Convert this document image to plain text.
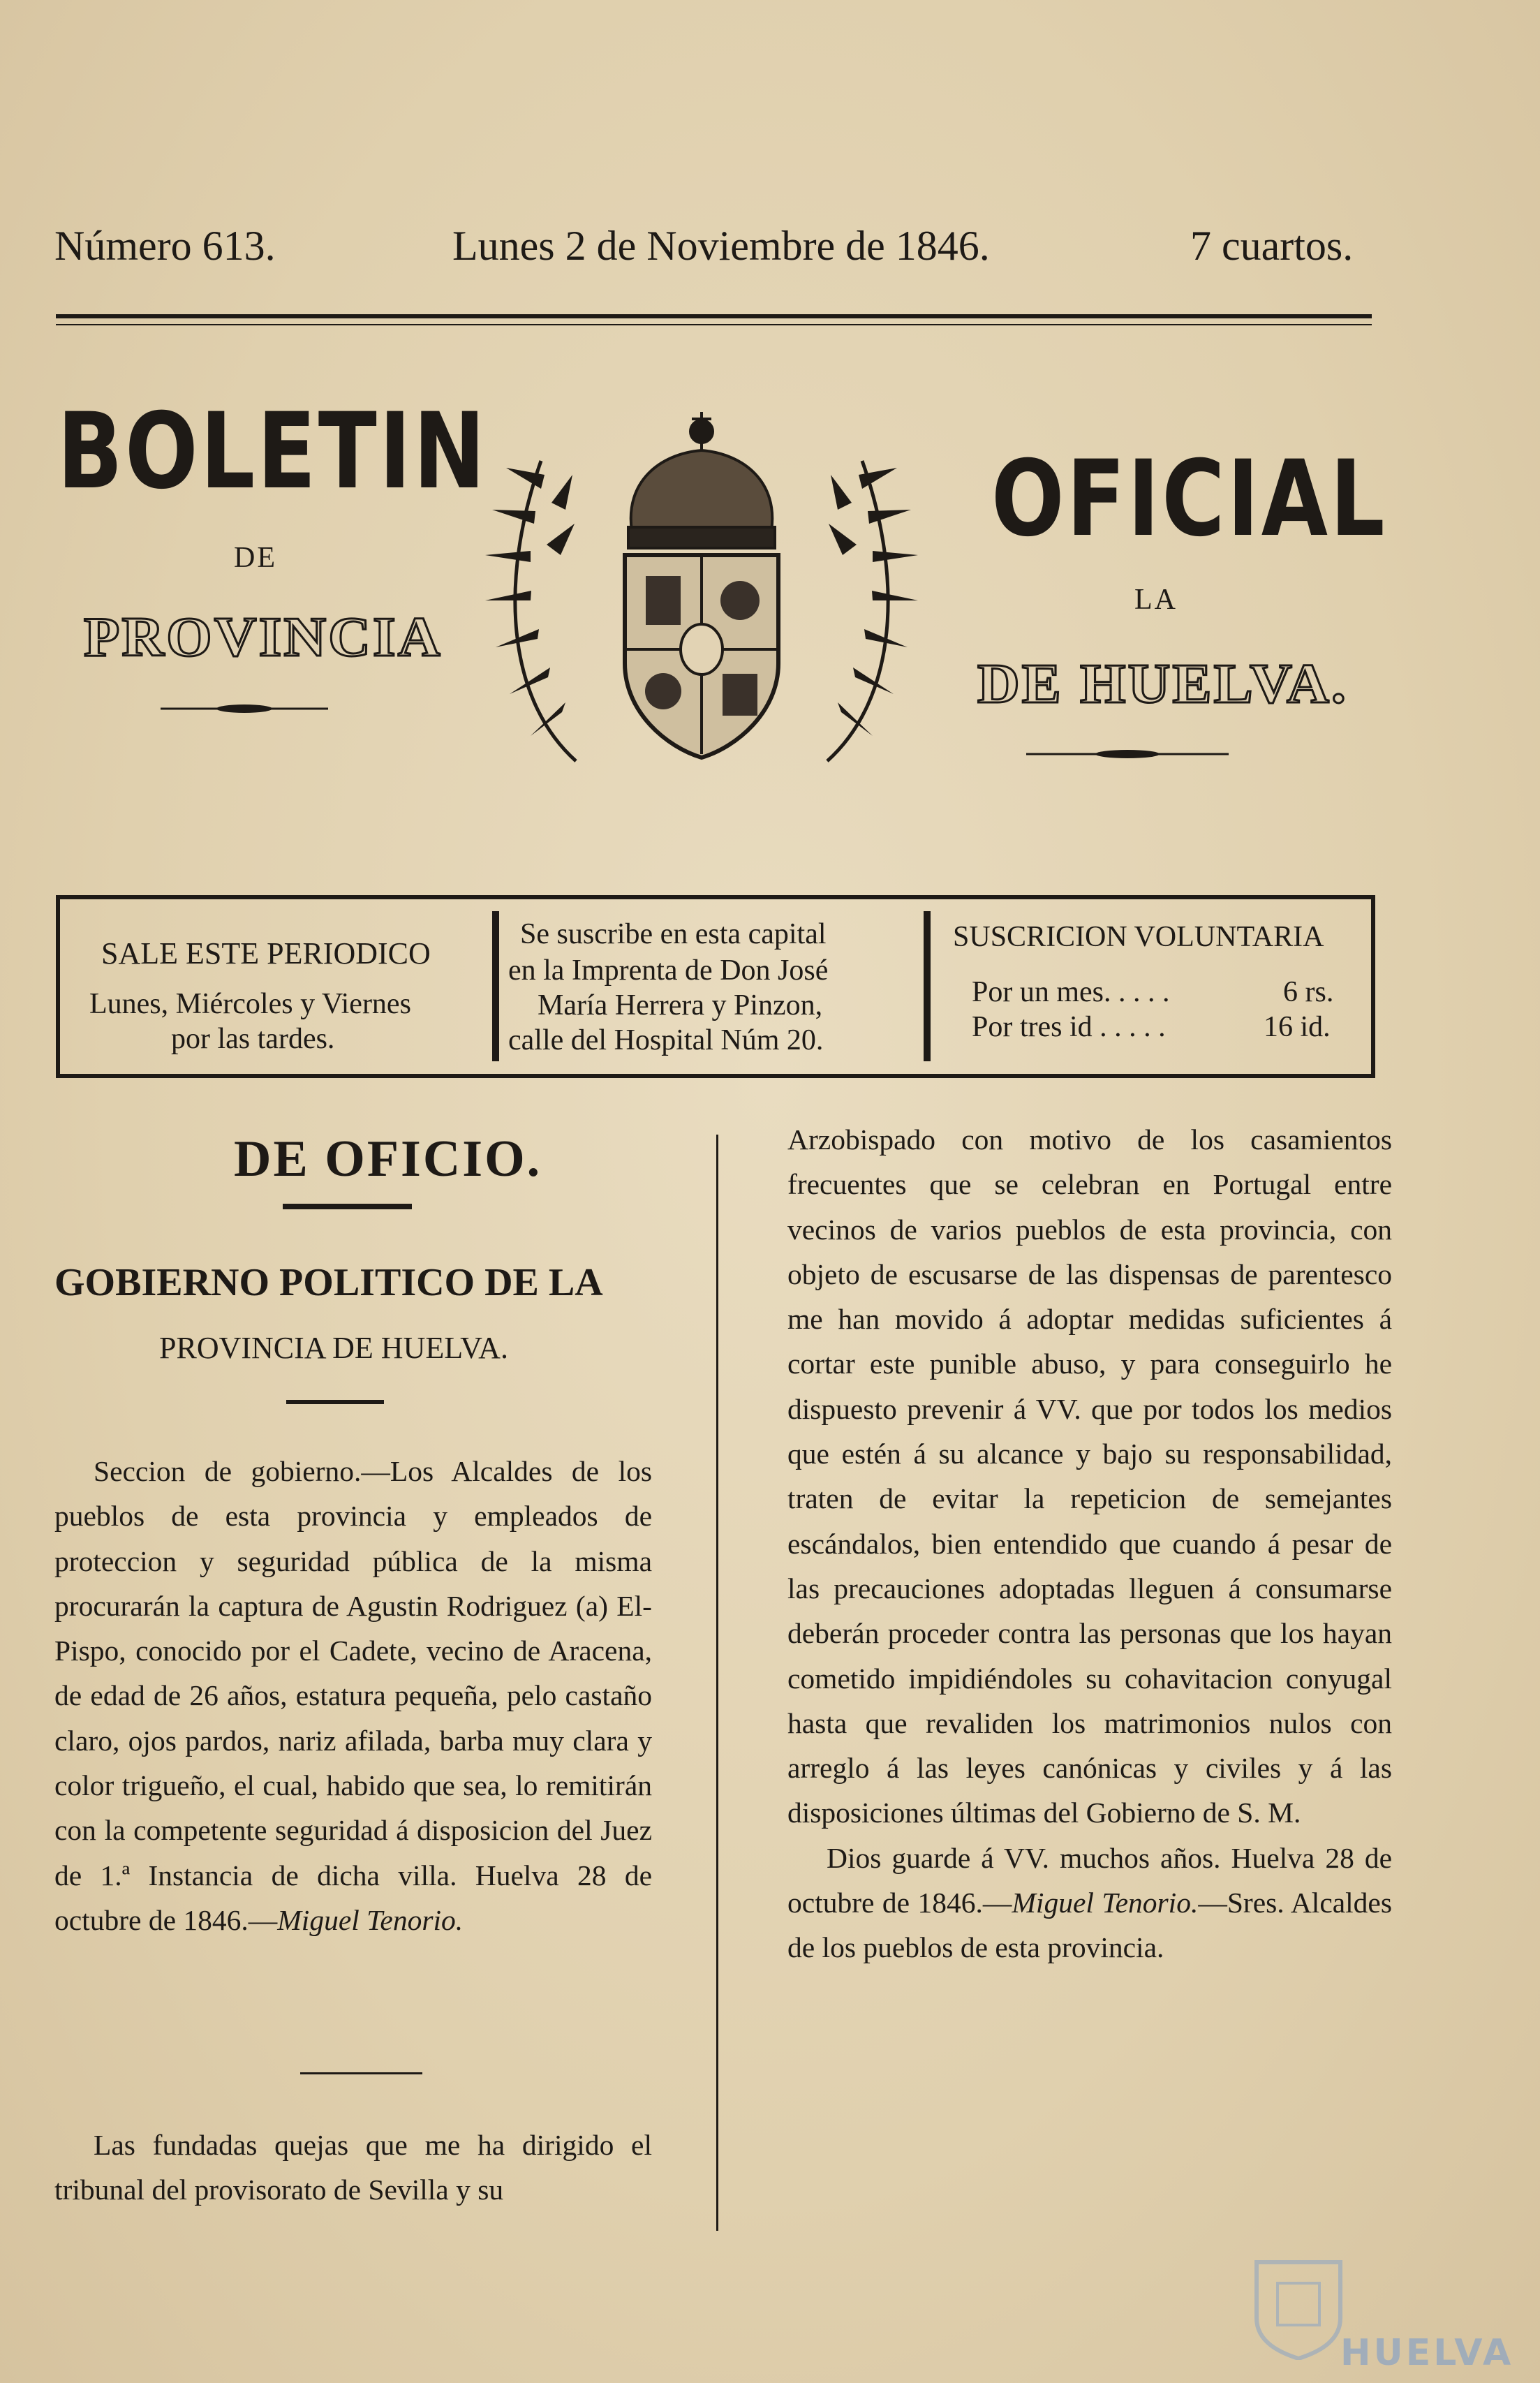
Número 613.	Lunes 2 de Noviembre de 1846.	7 cuartos.
BOLETIN
DE
PROVINCIA
OFICIAL
LA
DE HUELVA.
SALE ESTE PERIODICO
Lunes, Miércoles y Viernes
por las tardes.
Se suscribe en esta capital
en la Imprenta de Don José
María Herrera y Pinzon,
calle del Hospital Núm 20.
SUSCRICION VOLUNTARIA
Por un mes. . . . .	6 rs.
Por tres id . . . . .	16 id.
DE OFICIO.
GOBIERNO POLITICO DE LA
PROVINCIA DE HUELVA.

Seccion de gobierno.—Los Alcaldes de los pueblos de esta provincia y empleados de proteccion y seguridad pública de la misma procurarán la captura de Agustin Rodriguez (a) El-Pispo, conocido por el Cadete, vecino de Aracena, de edad de 26 años, estatura pequeña, pelo castaño claro, ojos pardos, nariz afilada, barba muy clara y color trigueño, el cual, habido que sea, lo remitirán con la competente seguridad á disposicion del Juez de 1.ª Instancia de dicha villa. Huelva 28 de octubre de 1846.—Miguel Tenorio.

Las fundadas quejas que me ha dirigido el tribunal del provisorato de Sevilla y su

Arzobispado con motivo de los casamientos frecuentes que se celebran en Portugal entre vecinos de varios pueblos de esta provincia, con objeto de escusarse de las dispensas de parentesco me han movido á adoptar medidas suficientes á cortar este punible abuso, y para conseguirlo he dispuesto prevenir á VV. que por todos los medios que estén á su alcance y bajo su responsabilidad, traten de evitar la repeticion de semejantes escándalos, bien entendido que cuando á pesar de las precauciones adoptadas lleguen á consumarse deberán proceder contra las personas que los hayan cometido impidiéndoles su cohavitacion conyugal hasta que revaliden los matrimonios nulos con arreglo á las leyes canónicas y civiles y á las disposiciones últimas del Gobierno de S. M.

Dios guarde á VV. muchos años. Huelva 28 de octubre de 1846.—Miguel Tenorio.—Sres. Alcaldes de los pueblos de esta provincia.

HUELVA
